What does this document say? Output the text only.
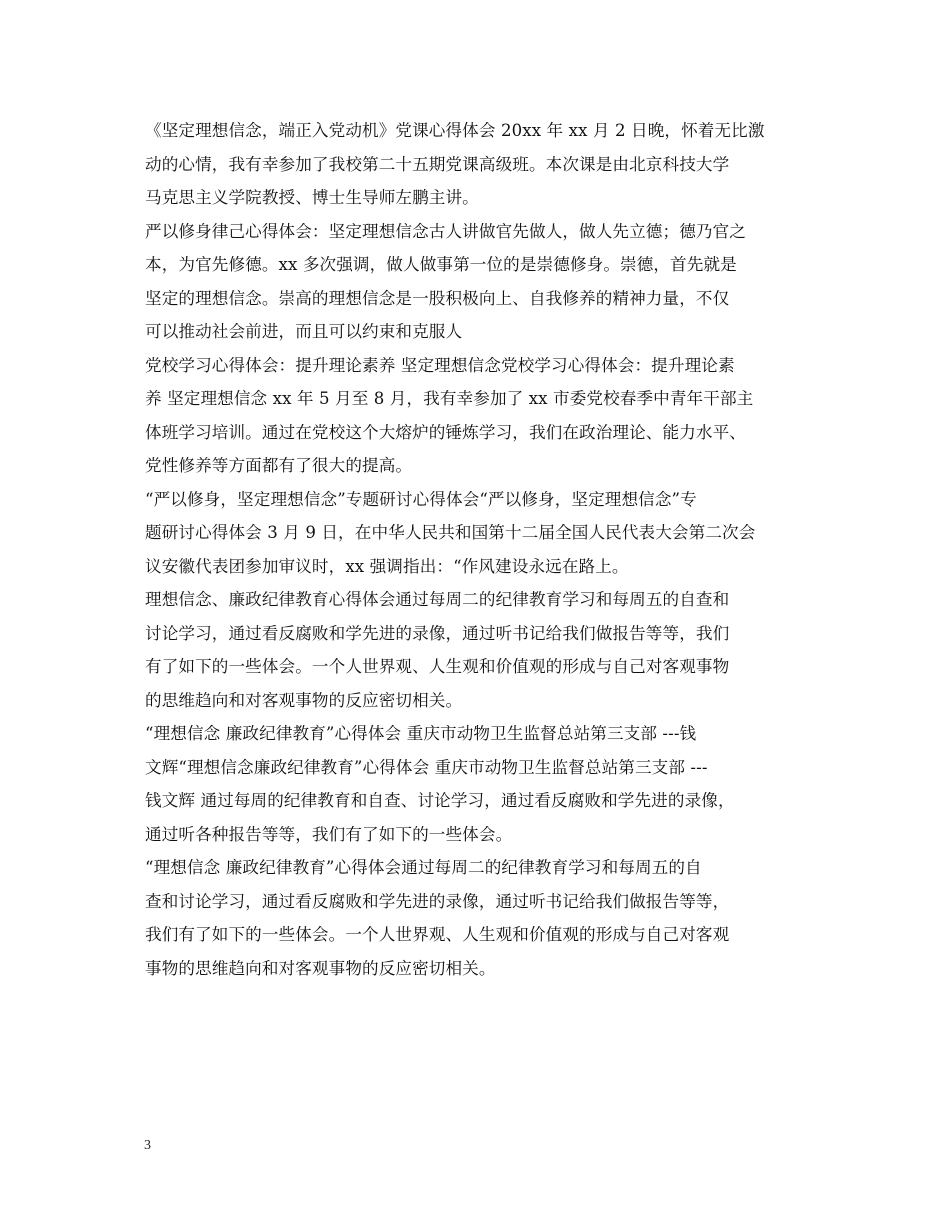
《坚定理想信念，端正入党动机》党课心得体会 20xx 年 xx 月 2 日晚，怀着无比激
动的心情，我有幸参加了我校第二十五期党课高级班。本次课是由北京科技大学
马克思主义学院教授、博士生导师左鹏主讲。
严以修身律己心得体会：坚定理想信念古人讲做官先做人，做人先立德；德乃官之
本，为官先修德。xx 多次强调，做人做事第一位的是崇德修身。崇德，首先就是
坚定的理想信念。崇高的理想信念是一股积极向上、自我修养的精神力量，不仅
可以推动社会前进，而且可以约束和克服人
党校学习心得体会：提升理论素养 坚定理想信念党校学习心得体会：提升理论素
养 坚定理想信念 xx 年 5 月至 8 月，我有幸参加了 xx 市委党校春季中青年干部主
体班学习培训。通过在党校这个大熔炉的锤炼学习，我们在政治理论、能力水平、
党性修养等方面都有了很大的提高。
“严以修身，坚定理想信念”专题研讨心得体会“严以修身，坚定理想信念”专
题研讨心得体会 3 月 9 日，在中华人民共和国第十二届全国人民代表大会第二次会
议安徽代表团参加审议时，xx 强调指出：“作风建设永远在路上。
理想信念、廉政纪律教育心得体会通过每周二的纪律教育学习和每周五的自查和
讨论学习，通过看反腐败和学先进的录像，通过听书记给我们做报告等等，我们
有了如下的一些体会。一个人世界观、人生观和价值观的形成与自己对客观事物
的思维趋向和对客观事物的反应密切相关。
“理想信念 廉政纪律教育”心得体会 重庆市动物卫生监督总站第三支部 ---钱
文辉“理想信念廉政纪律教育”心得体会 重庆市动物卫生监督总站第三支部 ---
钱文辉 通过每周的纪律教育和自查、讨论学习，通过看反腐败和学先进的录像，
通过听各种报告等等，我们有了如下的一些体会。
“理想信念 廉政纪律教育”心得体会通过每周二的纪律教育学习和每周五的自
查和讨论学习，通过看反腐败和学先进的录像，通过听书记给我们做报告等等，
我们有了如下的一些体会。一个人世界观、人生观和价值观的形成与自己对客观
事物的思维趋向和对客观事物的反应密切相关。
3
